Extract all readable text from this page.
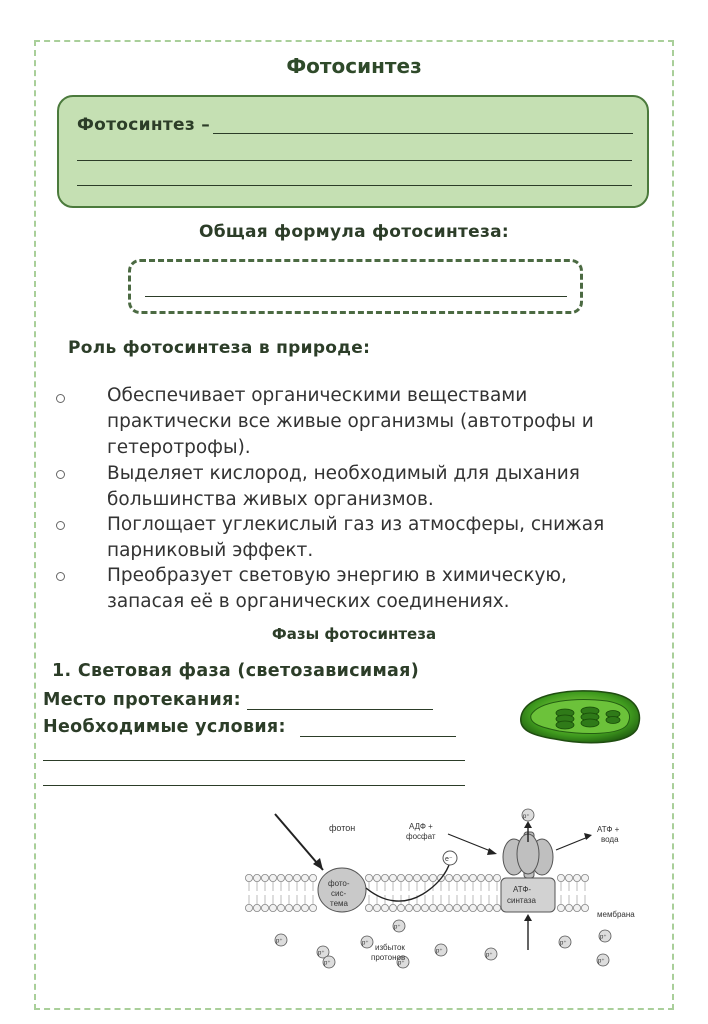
Фотосинтез
Фотосинтез –
Общая формула фотосинтеза:
Роль фотосинтеза в природе:
Обеспечивает органическими веществами практически все живые организмы (автотрофы и гетеротрофы).
Выделяет кислород, необходимый для дыхания большинства живых организмов.
Поглощает углекислый газ из атмосферы, снижая парниковый эффект.
Преобразует световую энергию в химическую, запасая её в органических соединениях.
Фазы фотосинтеза
1. Световая фаза (светозависимая)
Место протекания:
Необходимые условия:
фотон
фото-
сис-
тема
e⁻
АТФ-
синтаза
p⁺
АДФ +
фосфат
АТФ +
вода
мембрана
p⁺
p⁺
p⁺
p⁺
p⁺
p⁺
p⁺
p⁺
p⁺
p⁺
p⁺
избыток
протонов
